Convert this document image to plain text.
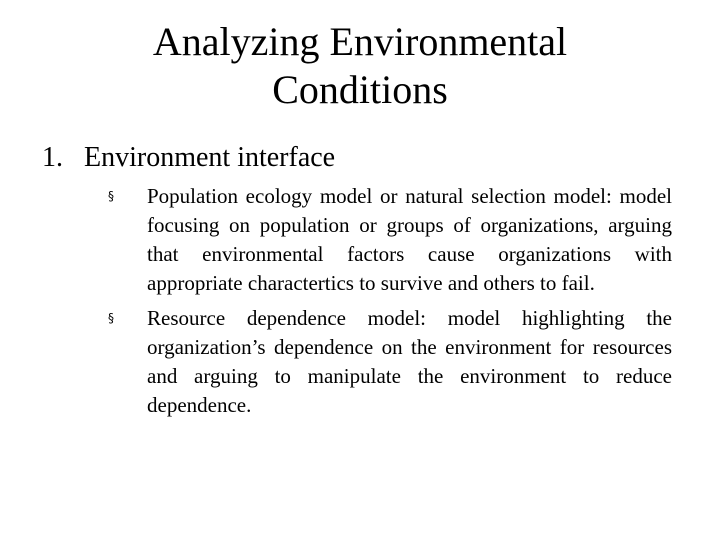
Analyzing Environmental
Conditions
1. Environment interface
§ Population ecology model or natural selection model: model focusing on population or groups of organizations, arguing that environmental factors cause organizations with appropriate charactertics to survive and others to fail.
§ Resource dependence model: model highlighting the organization’s dependence on the environment for resources and arguing to manipulate the environment to reduce dependence.
